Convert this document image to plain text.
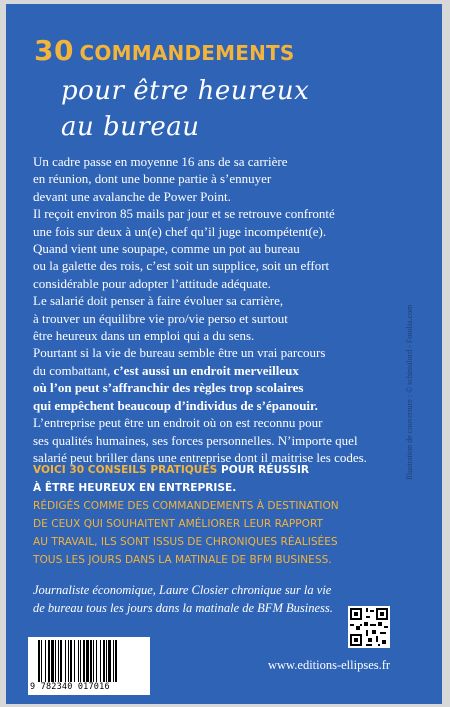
30 COMMANDEMENTS
pour être heureux
au bureau
Un cadre passe en moyenne 16 ans de sa carrière
en réunion, dont une bonne partie à s’ennuyer
devant une avalanche de Power Point.
Il reçoit environ 85 mails par jour et se retrouve confronté
une fois sur deux à un(e) chef qu’il juge incompétent(e).
Quand vient une soupape, comme un pot au bureau
ou la galette des rois, c’est soit un supplice, soit un effort
considérable pour adopter l’attitude adéquate.
Le salarié doit penser à faire évoluer sa carrière,
à trouver un équilibre vie pro/vie perso et surtout
être heureux dans un emploi qui a du sens.
Pourtant si la vie de bureau semble être un vrai parcours
du combattant, c’est aussi un endroit merveilleux
où l’on peut s’affranchir des règles trop scolaires
qui empêchent beaucoup d’individus de s’épanouir.
L’entreprise peut être un endroit où on est reconnu pour
ses qualités humaines, ses forces personnelles. N’importe quel
salarié peut briller dans une entreprise dont il maitrise les codes.
VOICI 30 CONSEILS PRATIQUES POUR RÉUSSIR
À ÊTRE HEUREUX EN ENTREPRISE.
RÉDIGÉS COMME DES COMMANDEMENTS À DESTINATION
DE CEUX QUI SOUHAITENT AMÉLIORER LEUR RAPPORT
AU TRAVAIL, ILS SONT ISSUS DE CHRONIQUES RÉALISÉES
TOUS LES JOURS DANS LA MATINALE DE BFM BUSINESS.
Journaliste économique, Laure Closier chronique sur la vie
de bureau tous les jours dans la matinale de BFM Business.
9 782340 017016
www.editions-ellipses.fr
Illustration de couverture : © schinsilord - Fotolia.com
